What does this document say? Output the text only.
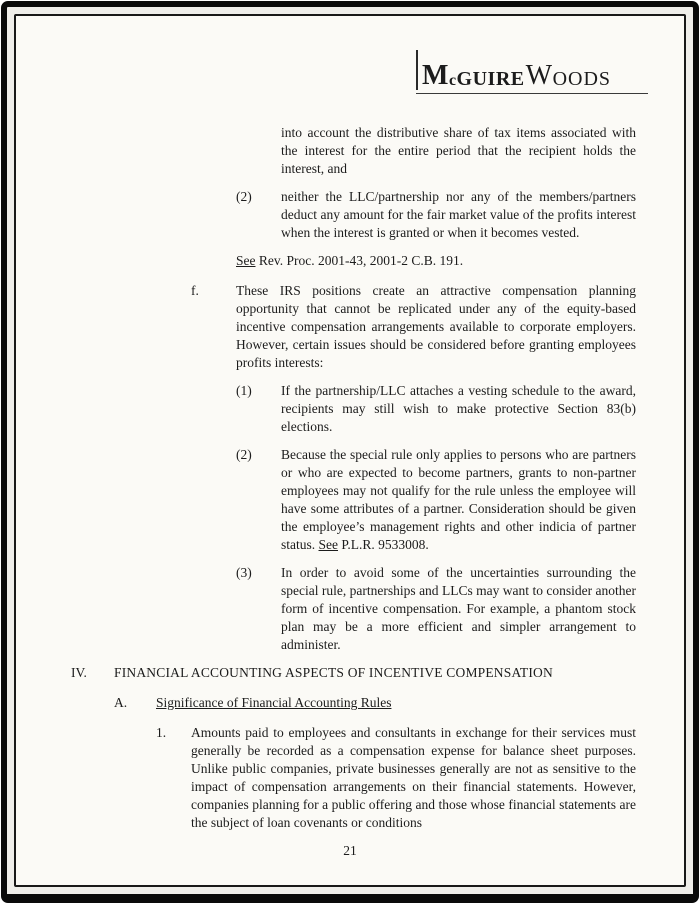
M c GUIRE W OODS
into account the distributive share of tax items associated with the interest for the entire period that the recipient holds the interest, and
(2)	neither the LLC/partnership nor any of the members/partners deduct any amount for the fair market value of the profits interest when the interest is granted or when it becomes vested.
See Rev. Proc. 2001-43, 2001-2 C.B. 191.
f.	These IRS positions create an attractive compensation planning opportunity that cannot be replicated under any of the equity-based incentive compensation arrangements available to corporate employers. However, certain issues should be considered before granting employees profits interests:
(1)	If the partnership/LLC attaches a vesting schedule to the award, recipients may still wish to make protective Section 83(b) elections.
(2)	Because the special rule only applies to persons who are partners or who are expected to become partners, grants to non-partner employees may not qualify for the rule unless the employee will have some attributes of a partner. Consideration should be given the employee’s management rights and other indicia of partner status. See P.L.R. 9533008.
(3)	In order to avoid some of the uncertainties surrounding the special rule, partnerships and LLCs may want to consider another form of incentive compensation. For example, a phantom stock plan may be a more efficient and simpler arrangement to administer.
IV.	FINANCIAL ACCOUNTING ASPECTS OF INCENTIVE COMPENSATION
A.	Significance of Financial Accounting Rules
1.	Amounts paid to employees and consultants in exchange for their services must generally be recorded as a compensation expense for balance sheet purposes. Unlike public companies, private businesses generally are not as sensitive to the impact of compensation arrangements on their financial statements. However, companies planning for a public offering and those whose financial statements are the subject of loan covenants or conditions
21
